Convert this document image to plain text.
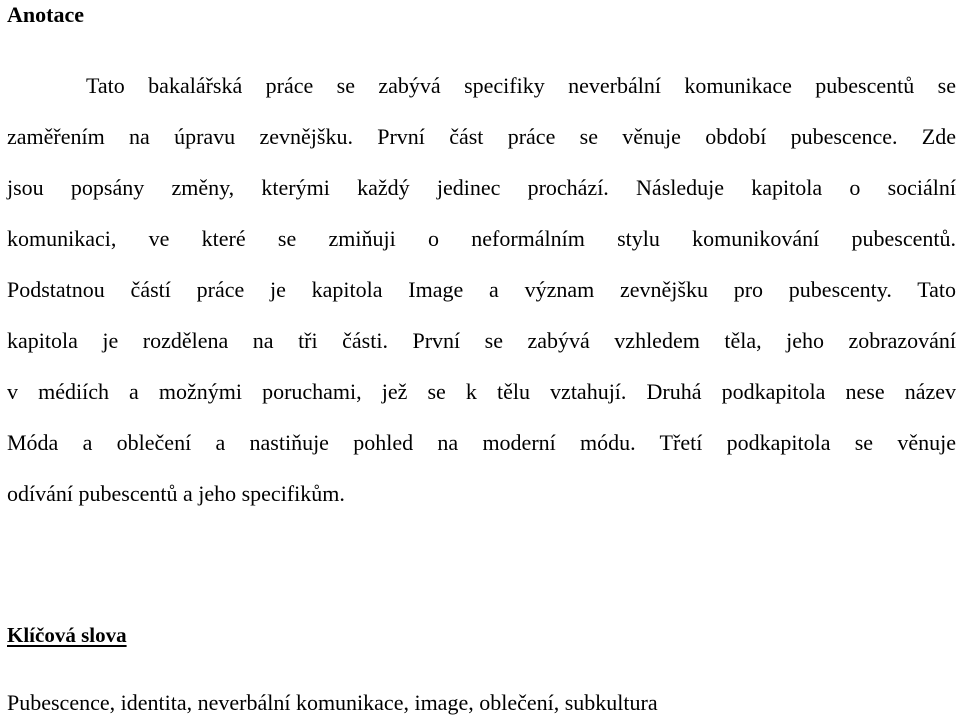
Anotace
Tato bakalářská práce se zabývá specifiky neverbální komunikace pubescentů se
zaměřením na úpravu zevnějšku. První část práce se věnuje období pubescence. Zde
jsou popsány změny, kterými každý jedinec prochází. Následuje kapitola o sociální
komunikaci, ve které se zmiňuji o neformálním stylu komunikování pubescentů.
Podstatnou částí práce je kapitola Image a význam zevnějšku pro pubescenty. Tato
kapitola je rozdělena na tři části. První se zabývá vzhledem těla, jeho zobrazování
v médiích a možnými poruchami, jež se k tělu vztahují. Druhá podkapitola nese název
Móda a oblečení a nastiňuje pohled na moderní módu. Třetí podkapitola se věnuje
odívání pubescentů a jeho specifikům.
Klíčová slova

Pubescence, identita, neverbální komunikace, image, oblečení, subkultura
